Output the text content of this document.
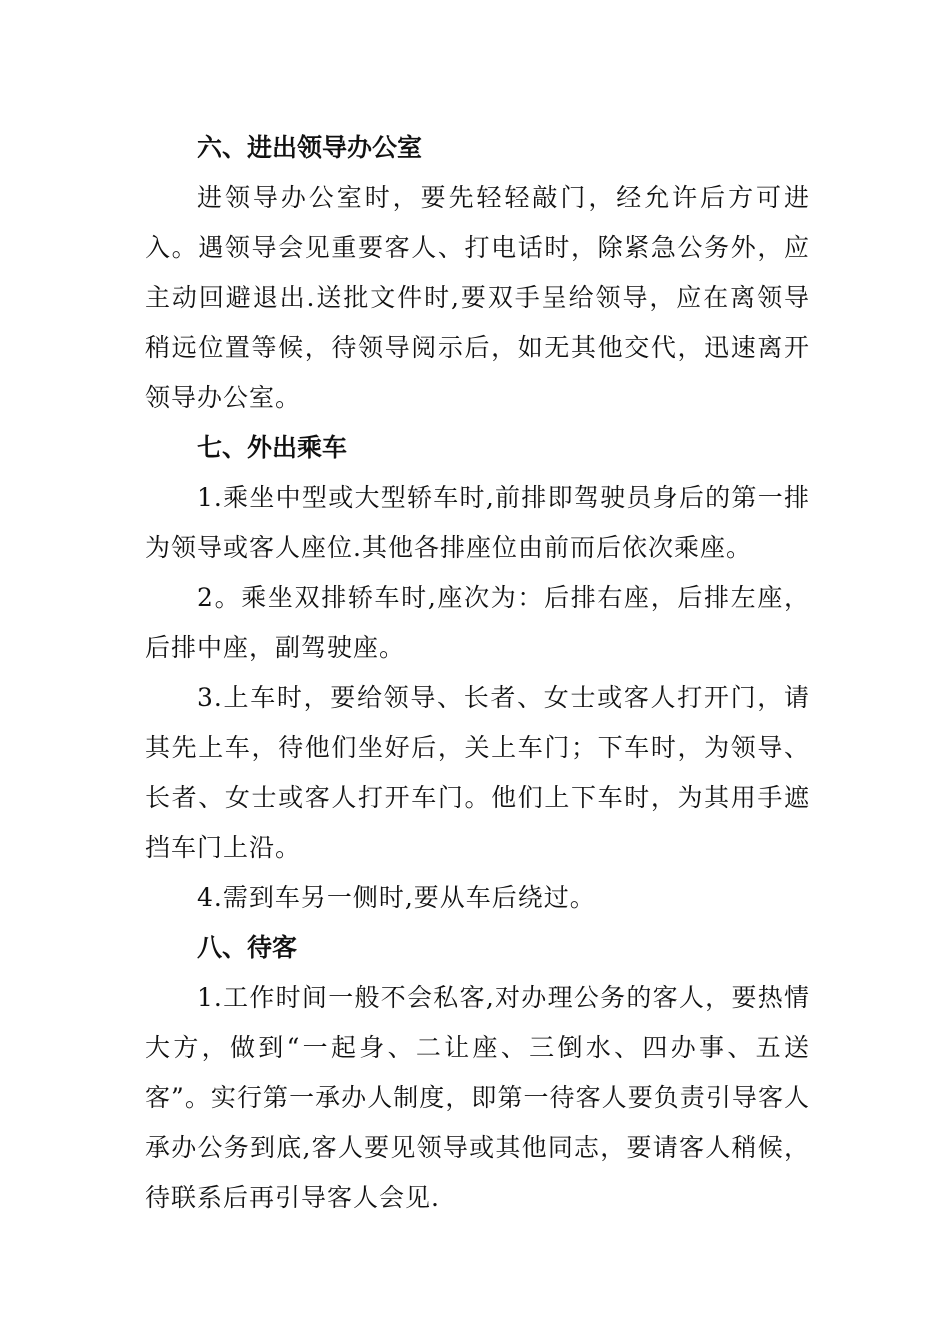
六、进出领导办公室

进领导办公室时，要先轻轻敲门，经允许后方可进入。遇领导会见重要客人、打电话时，除紧急公务外，应主动回避退出.送批文件时,要双手呈给领导，应在离领导稍远位置等候，待领导阅示后，如无其他交代，迅速离开领导办公室。

七、外出乘车

1.乘坐中型或大型轿车时,前排即驾驶员身后的第一排为领导或客人座位.其他各排座位由前而后依次乘座。

2。乘坐双排轿车时,座次为：后排右座，后排左座，后排中座，副驾驶座。

3.上车时，要给领导、长者、女士或客人打开门，请其先上车，待他们坐好后，关上车门；下车时，为领导、长者、女士或客人打开车门。他们上下车时，为其用手遮挡车门上沿。

4.需到车另一侧时,要从车后绕过。

八、待客

1.工作时间一般不会私客,对办理公务的客人，要热情大方，做到“一起身、二让座、三倒水、四办事、五送客”。实行第一承办人制度，即第一待客人要负责引导客人承办公务到底,客人要见领导或其他同志，要请客人稍候，待联系后再引导客人会见.
